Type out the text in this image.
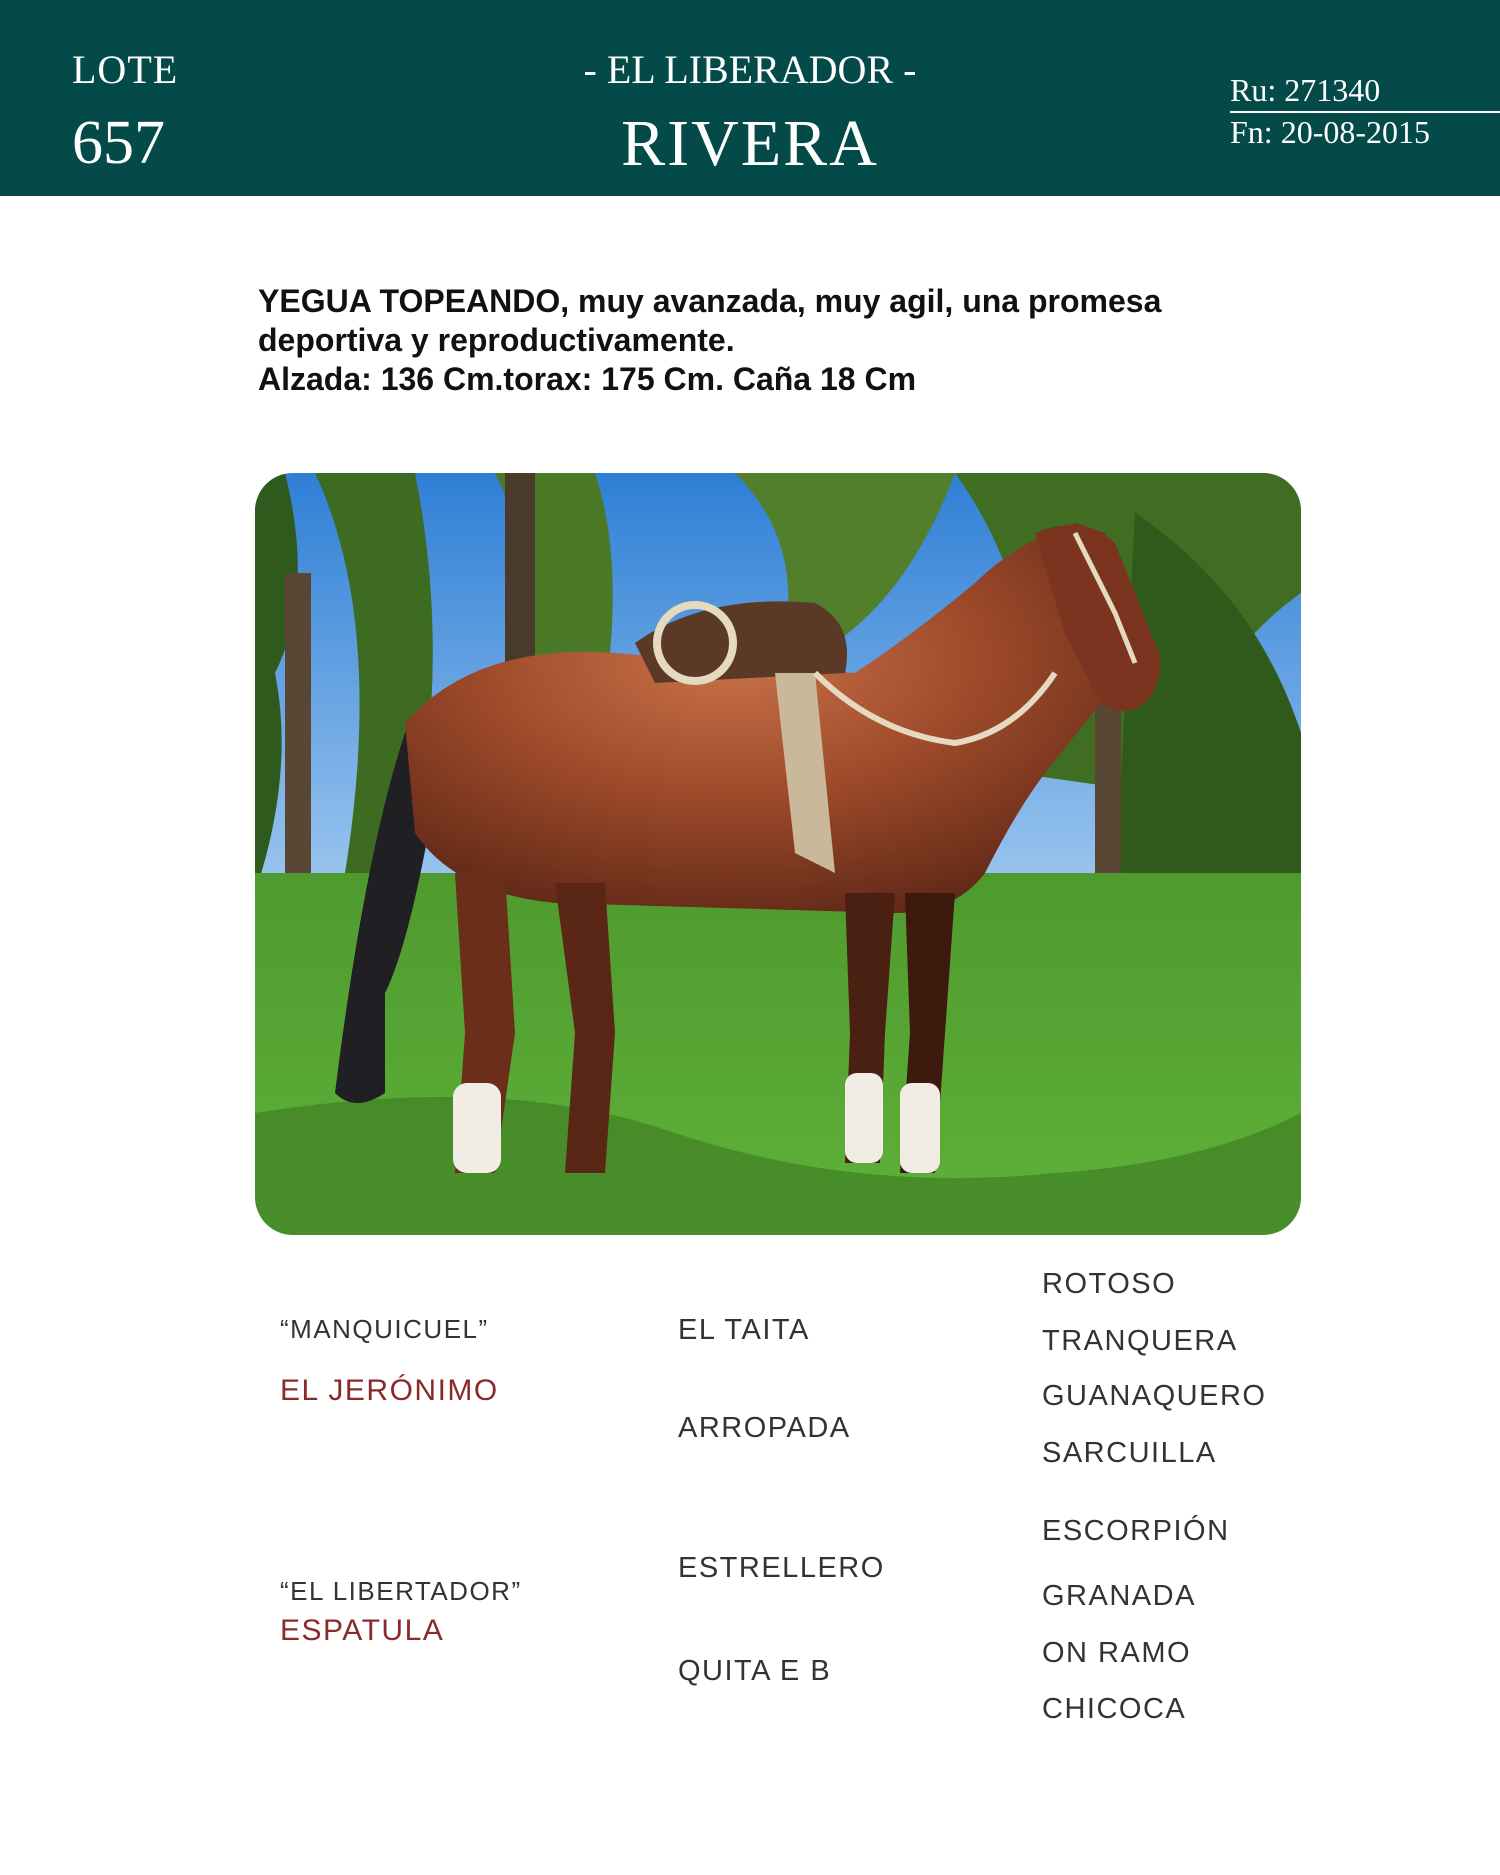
LOTE
657
- EL LIBERADOR -
RIVERA
Ru: 271340
Fn: 20-08-2015
YEGUA TOPEANDO, muy avanzada, muy agil, una promesa deportiva y reproductivamente.
Alzada: 136 Cm.torax: 175 Cm. Caña 18 Cm
“MANQUICUEL”
EL JERÓNIMO
“EL LIBERTADOR”
ESPATULA
EL TAITA
ARROPADA
ESTRELLERO
QUITA E B
ROTOSO
TRANQUERA
GUANAQUERO
SARCUILLA
ESCORPIÓN
GRANADA
ON RAMO
CHICOCA
